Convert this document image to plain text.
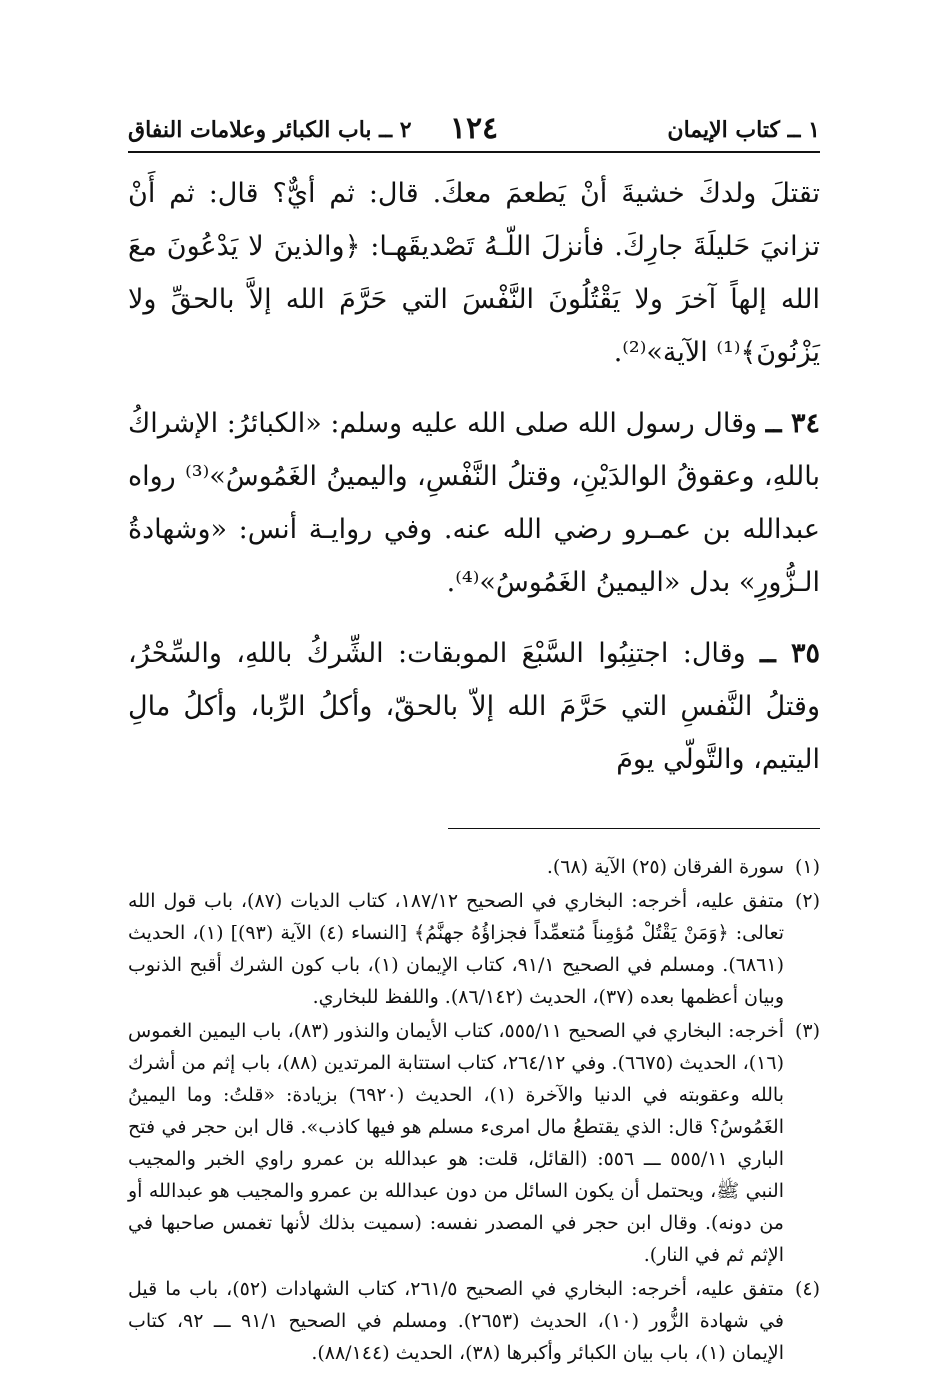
١ ــ كتاب الإيمان
١٢٤
٢ ــ باب الكبائر وعلامات النفاق

تقتلَ ولدكَ خشيةَ أنْ يَطعمَ معكَ. قال: ثم أيٌّ؟ قال: ثم أَنْ تزانيَ حَليلَةَ جارِكَ. فأنزلَ اللّـهُ تَصْديقَهـا: ﴿والذينَ لا يَدْعُونَ معَ الله إلهاً آخرَ ولا يَقْتُلُونَ النَّفْسَ التي حَرَّمَ الله إلاَّ بالحقِّ ولا يَزْنُونَ﴾⁽¹⁾ الآية»⁽²⁾.

٣٤ ــ وقال رسول الله صلى الله عليه وسلم: «الكبائرُ: الإشراكُ باللهِ، وعقوقُ الوالدَيْنِ، وقتلُ النَّفْسِ، واليمينُ الغَمُوسُ»⁽³⁾ رواه عبدالله بن عمـرو رضي الله عنه. وفي روايـة أنس: «وشهادةُ الـزُّورِ» بدل «اليمينُ الغَمُوسُ»⁽⁴⁾.

٣٥ ــ وقال: اجتنِبُوا السَّبْعَ الموبقات: الشِّركُ باللهِ، والسِّحْرُ، وقتلُ النَّفسِ التي حَرَّمَ الله إلاّ بالحقّ، وأكلُ الرِّبا، وأكلُ مالِ اليتيم، والتَّولّي يومَ

(١)
سورة الفرقان (٢٥) الآية (٦٨).
(٢)
متفق عليه، أخرجه: البخاري في الصحيح ١٨٧/١٢، كتاب الديات (٨٧)، باب قول الله تعالى: ﴿وَمَنْ يَقْتُلْ مُؤمِناً مُتعمِّداً فجزاؤُهُ جهنَّمُ﴾ [النساء (٤) الآية (٩٣)] (١)، الحديث (٦٨٦١). ومسلم في الصحيح ٩١/١، كتاب الإيمان (١)، باب كون الشرك أقبح الذنوب وبيان أعظمها بعده (٣٧)، الحديث (٨٦/١٤٢). واللفظ للبخاري.
(٣)
أخرجه: البخاري في الصحيح ٥٥٥/١١، كتاب الأيمان والنذور (٨٣)، باب اليمين الغموس (١٦)، الحديث (٦٦٧٥). وفي ٢٦٤/١٢، كتاب استتابة المرتدين (٨٨)، باب إثم من أشرك بالله وعقوبته في الدنيا والآخرة (١)، الحديث (٦٩٢٠) بزيادة: «قلتُ: وما اليمينُ الغَمُوسُ؟ قال: الذي يقتطعُ مال امرىء مسلم هو فيها كاذب». قال ابن حجر في فتح الباري ٥٥٥/١١ ـــ ٥٥٦: (القائل، قلت: هو عبدالله بن عمرو راوي الخبر والمجيب النبي ﷺ، ويحتمل أن يكون السائل من دون عبدالله بن عمرو والمجيب هو عبدالله أو من دونه). وقال ابن حجر في المصدر نفسه: (سميت بذلك لأنها تغمس صاحبها في الإثم ثم في النار).
(٤)
متفق عليه، أخرجه: البخاري في الصحيح ٢٦١/٥، كتاب الشهادات (٥٢)، باب ما قيل في شهادة الزُّور (١٠)، الحديث (٢٦٥٣). ومسلم في الصحيح ٩١/١ ـــ ٩٢، كتاب الإيمان (١)، باب بيان الكبائر وأكبرها (٣٨)، الحديث (٨٨/١٤٤).
